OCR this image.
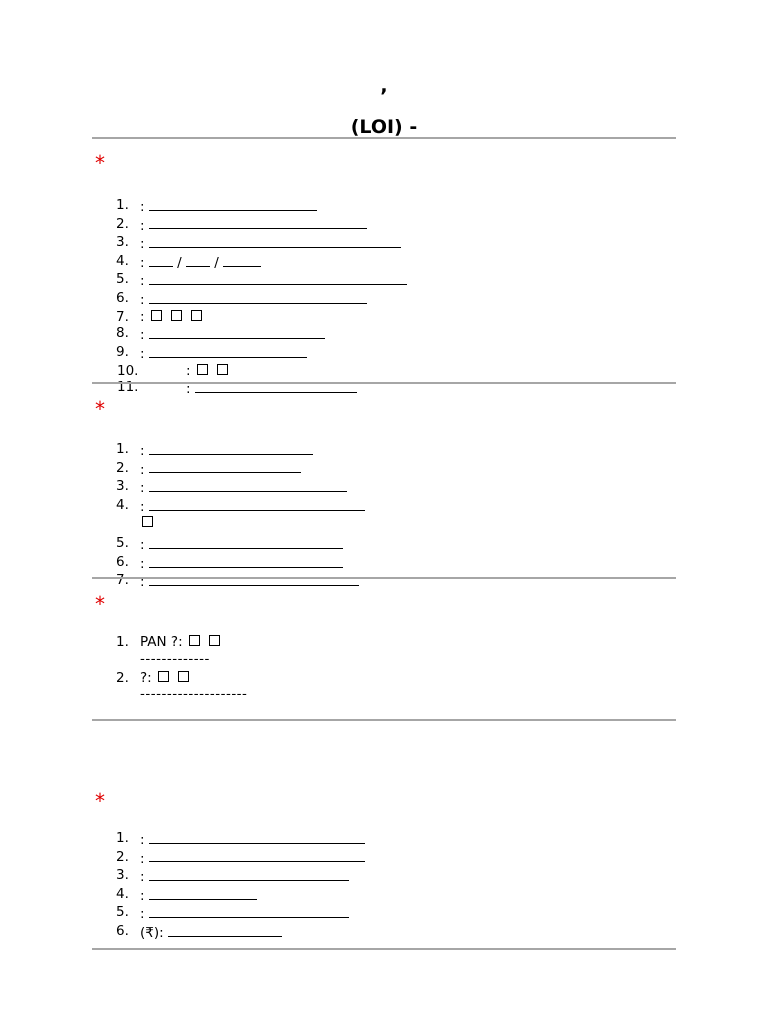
,
(LOI) -
*
1. :
2. :
3. :
4. :  / /
5. :
6. :
7. :
8. :
9. :
10.	:
11.	:
*
1. :
2. :
3. :
4. :
5. :
6. :
7. :
*
1. PAN ?:
-------------
2. ?:
--------------------
*
1. :
2. :
3. :
4. :
5. :
6. (₹):
